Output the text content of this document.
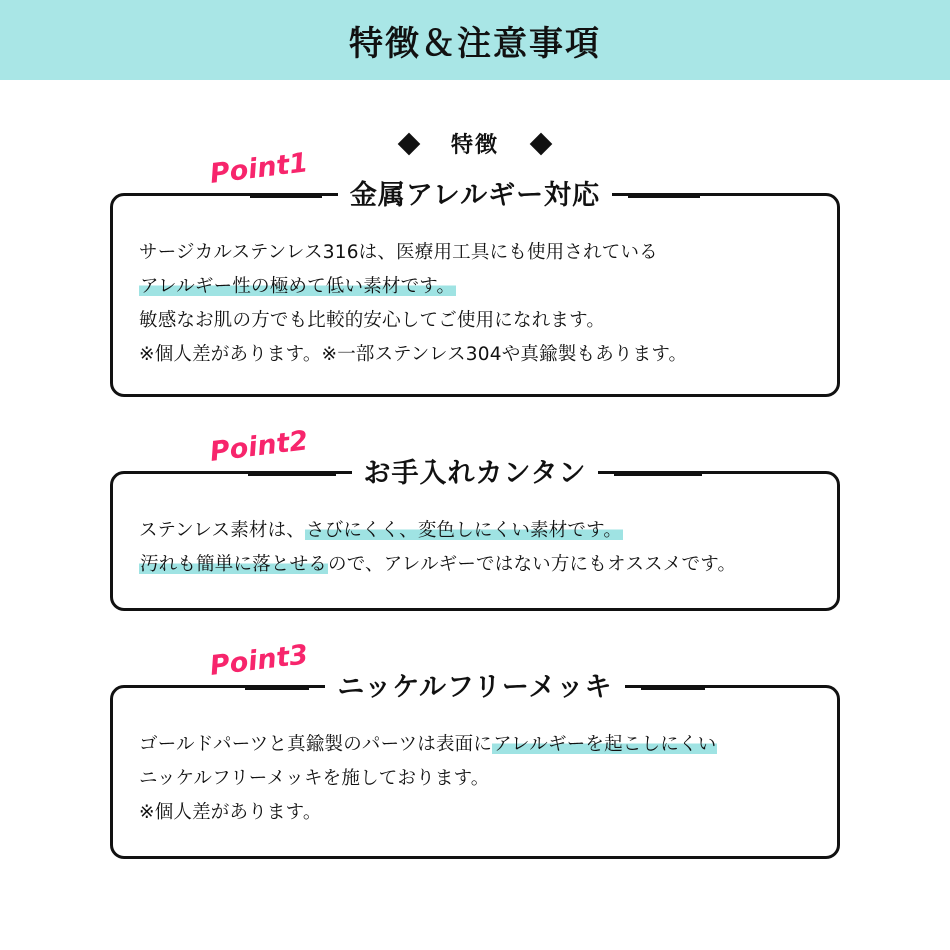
特徴＆注意事項
特徴
Point1
金属アレルギー対応
サージカルステンレス316は、医療用工具にも使用されている
アレルギー性の極めて低い素材です。
敏感なお肌の方でも比較的安心してご使用になれます。
※個人差があります。※一部ステンレス304や真鍮製もあります。
Point2
お手入れカンタン
ステンレス素材は、さびにくく、変色しにくい素材です。
汚れも簡単に落とせるので、アレルギーではない方にもオススメです。
Point3
ニッケルフリーメッキ
ゴールドパーツと真鍮製のパーツは表面にアレルギーを起こしにくい
ニッケルフリーメッキを施しております。
※個人差があります。
